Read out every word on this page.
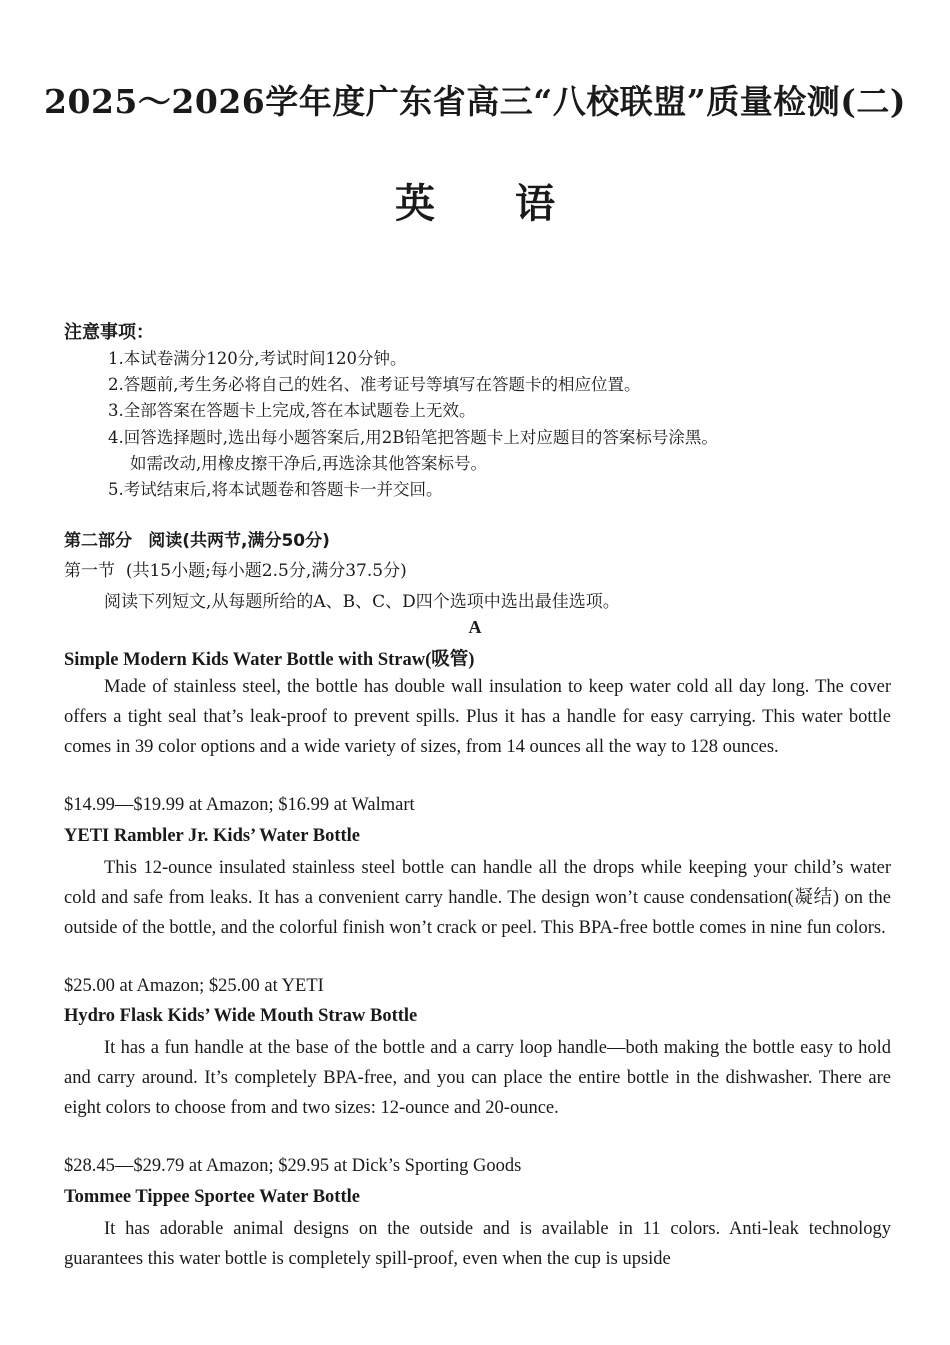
2025～2026学年度广东省高三“八校联盟”质量检测(二)
英语
注意事项：
1.本试卷满分120分,考试时间120分钟。
2.答题前,考生务必将自己的姓名、准考证号等填写在答题卡的相应位置。
3.全部答案在答题卡上完成,答在本试题卷上无效。
4.回答选择题时,选出每小题答案后,用2B铅笔把答题卡上对应题目的答案标号涂黑。
如需改动,用橡皮擦干净后,再选涂其他答案标号。
5.考试结束后,将本试题卷和答题卡一并交回。
第二部分 阅读(共两节,满分50分)
第一节 (共15小题;每小题2.5分,满分37.5分)
阅读下列短文,从每题所给的A、B、C、D四个选项中选出最佳选项。
A
Simple Modern Kids Water Bottle with Straw(吸管)
Made of stainless steel, the bottle has double wall insulation to keep water cold all day long. The cover offers a tight seal that’s leak-proof to prevent spills. Plus it has a handle for easy carrying. This water bottle comes in 39 color options and a wide variety of sizes, from 14 ounces all the way to 128 ounces.
$14.99—$19.99 at Amazon; $16.99 at Walmart
YETI Rambler Jr. Kids’ Water Bottle
This 12-ounce insulated stainless steel bottle can handle all the drops while keeping your child’s water cold and safe from leaks. It has a convenient carry handle. The design won’t cause condensation(凝结) on the outside of the bottle, and the colorful finish won’t crack or peel. This BPA-free bottle comes in nine fun colors.
$25.00 at Amazon; $25.00 at YETI
Hydro Flask Kids’ Wide Mouth Straw Bottle
It has a fun handle at the base of the bottle and a carry loop handle—both making the bottle easy to hold and carry around. It’s completely BPA-free, and you can place the entire bottle in the dishwasher. There are eight colors to choose from and two sizes: 12-ounce and 20-ounce.
$28.45—$29.79 at Amazon; $29.95 at Dick’s Sporting Goods
Tommee Tippee Sportee Water Bottle
It has adorable animal designs on the outside and is available in 11 colors. Anti-leak technology guarantees this water bottle is completely spill-proof, even when the cup is upside
